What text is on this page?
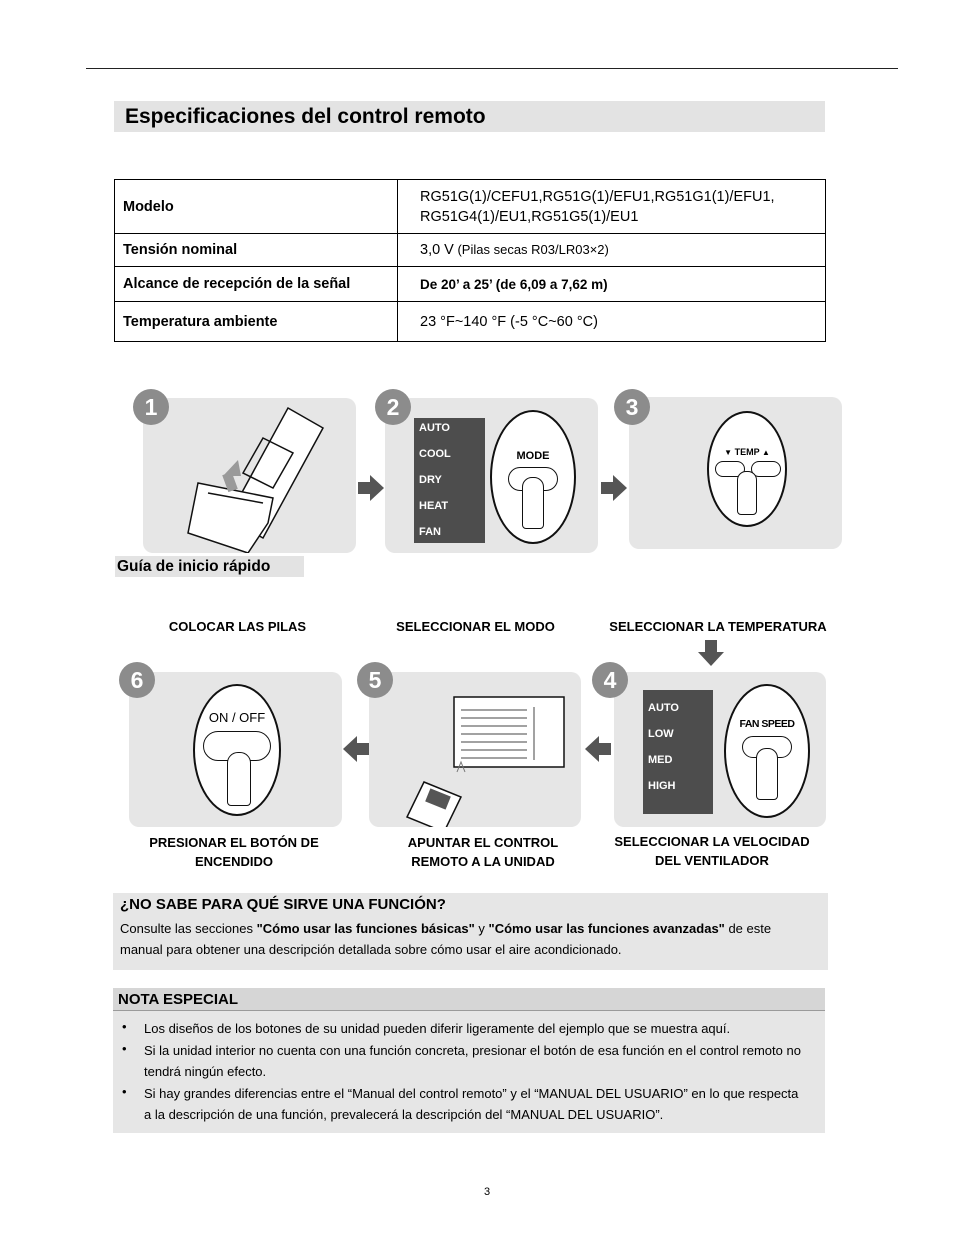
Especificaciones del control remoto
Modelo	RG51G(1)/CEFU1,RG51G(1)/EFU1,RG51G1(1)/EFU1,
RG51G4(1)/EU1,RG51G5(1)/EU1

Tensión nominal	3,0 V (Pilas secas R03/LR03×2)
Alcance de recepción de la señal	De 20’ a 25’ (de 6,09 a 7,62 m)
Temperatura ambiente	23 °F~140 °F (-5 °C~60 °C)
1
AUTO
COOL
DRY
HEAT
FAN
MODE
2
▼ TEMP ▲
3
Guía de inicio rápido
COLOCAR LAS PILAS	SELECCIONAR EL MODO	SELECCIONAR LA TEMPERATURA
ON / OFF
6	5
AUTO
LOW
MED
HIGH
FAN SPEED
4
PRESIONAR EL BOTÓN DE
ENCENDIDO
APUNTAR EL CONTROL
REMOTO A LA UNIDAD
SELECCIONAR LA VELOCIDAD
DEL VENTILADOR
¿NO SABE PARA QUÉ SIRVE UNA FUNCIÓN?
Consulte las secciones "Cómo usar las funciones básicas" y "Cómo usar las funciones avanzadas" de este manual para obtener una descripción detallada sobre cómo usar el aire acondicionado.
NOTA ESPECIAL
• Los diseños de los botones de su unidad pueden diferir ligeramente del ejemplo que se muestra aquí.
• Si la unidad interior no cuenta con una función concreta, presionar el botón de esa función en el control remoto no tendrá ningún efecto.
• Si hay grandes diferencias entre el “Manual del control remoto” y el “MANUAL DEL USUARIO” en lo que respecta a la descripción de una función, prevalecerá la descripción del “MANUAL DEL USUARIO”.
3
